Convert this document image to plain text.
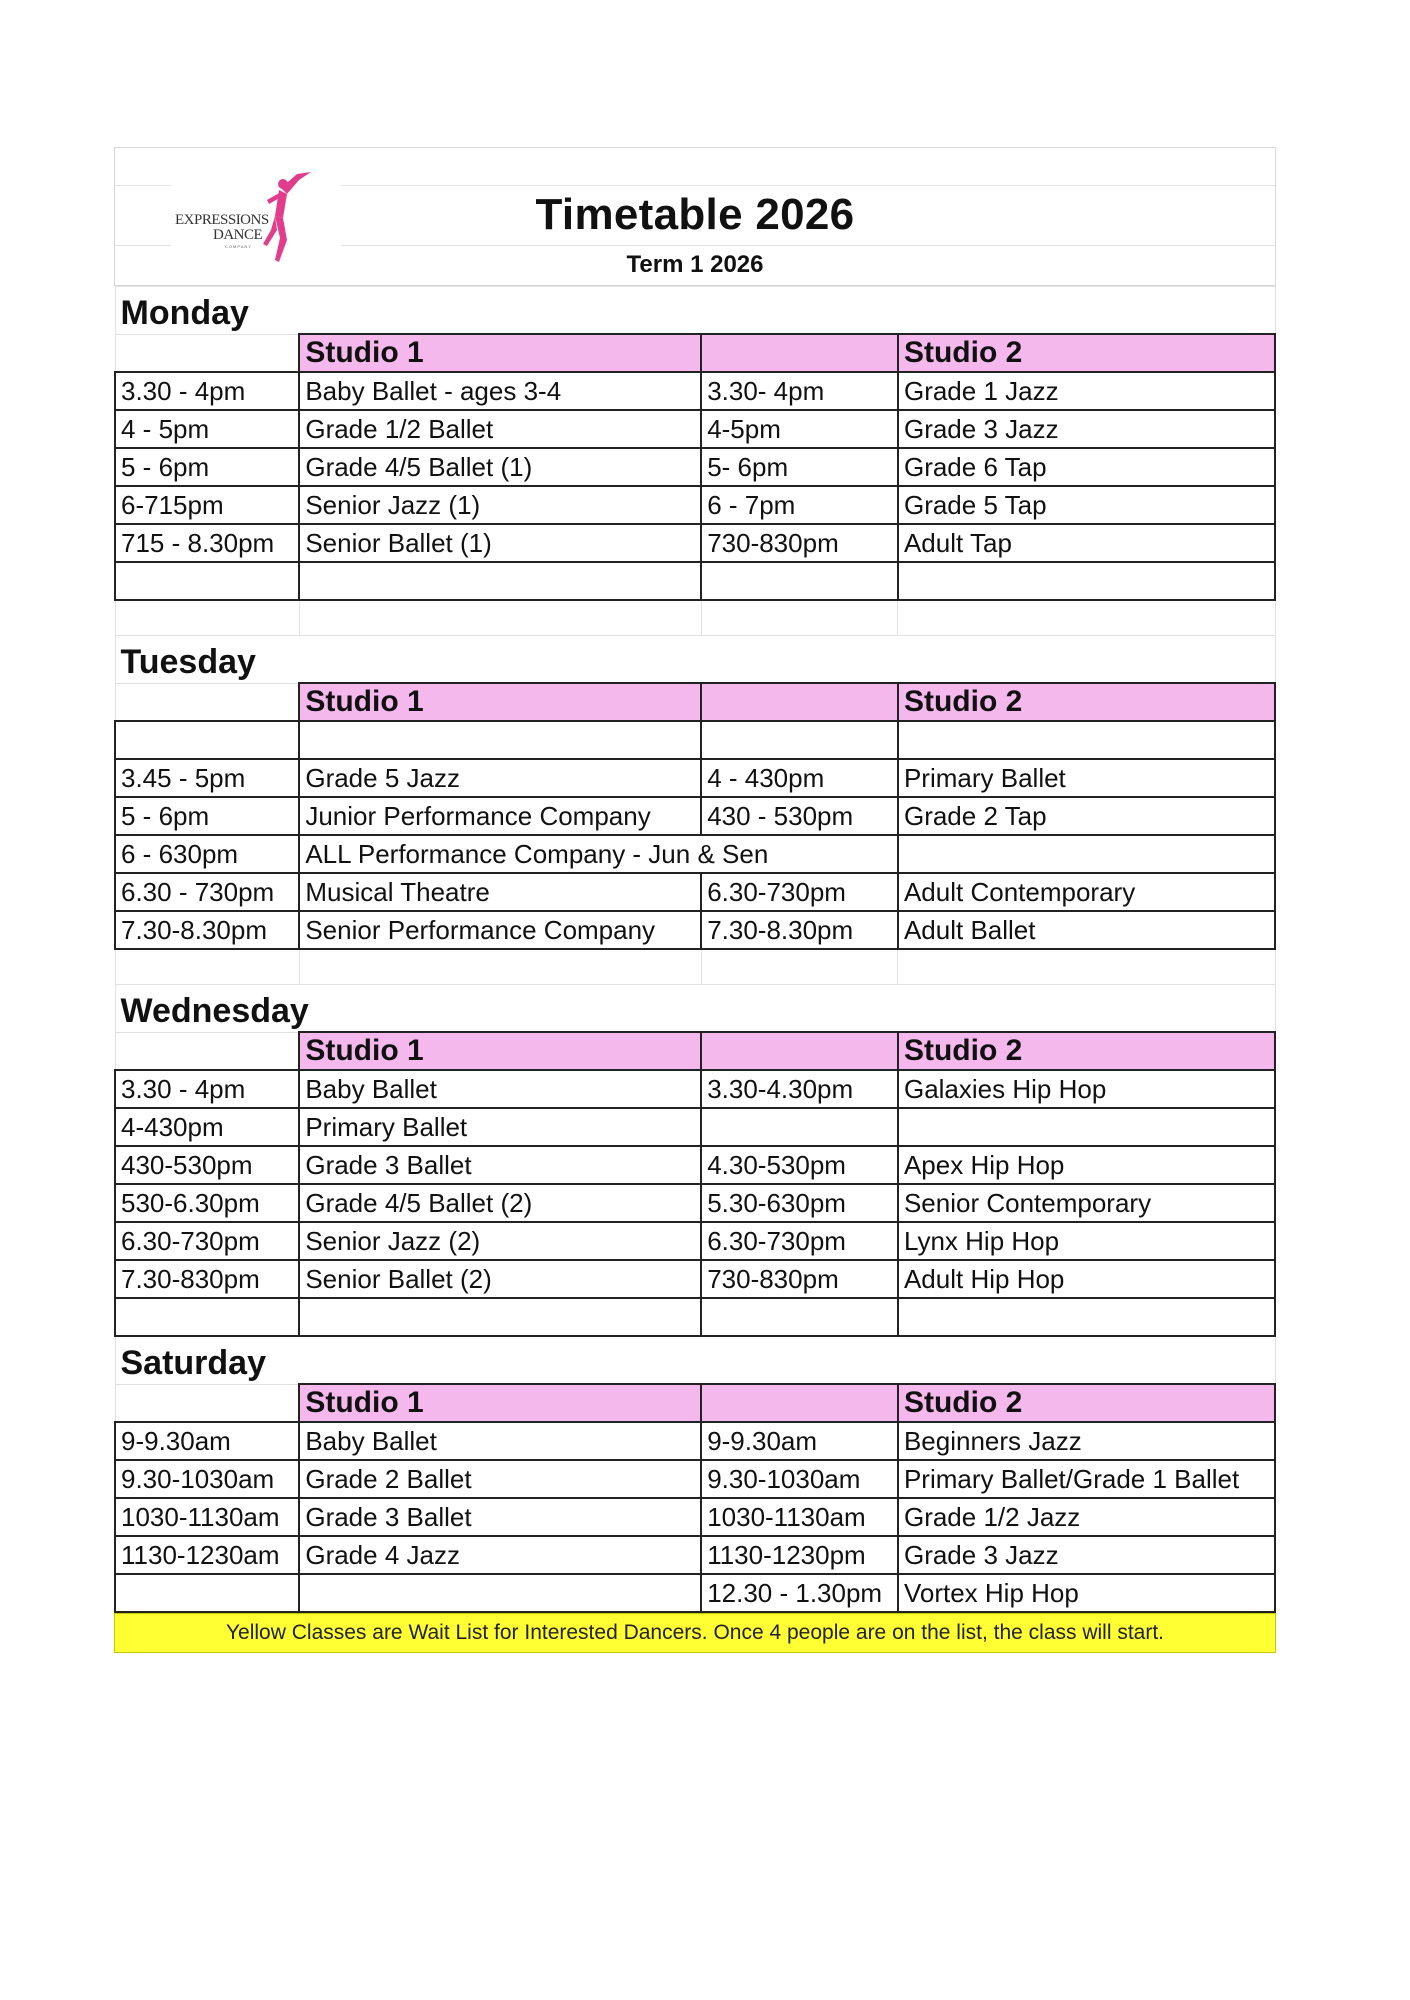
Timetable 2026
Term 1 2026
EXPRESSIONS
DANCE
COMPANY
Monday			
	Studio 1		Studio 2
3.30 - 4pm	Baby Ballet - ages 3-4	3.30- 4pm	Grade 1 Jazz
4 - 5pm	Grade 1/2 Ballet	4-5pm	Grade 3 Jazz
5 - 6pm	Grade 4/5 Ballet (1)	5- 6pm	Grade 6 Tap
6-715pm	Senior Jazz (1)	6 - 7pm	Grade 5 Tap
715 - 8.30pm	Senior Ballet (1)	730-830pm	Adult Tap

Tuesday			
	Studio 1		Studio 2

3.45 - 5pm	Grade 5 Jazz	4 - 430pm	Primary Ballet
5 - 6pm	Junior Performance Company	430 - 530pm	Grade 2 Tap
6 - 630pm	ALL Performance Company - Jun & Sen		
6.30 - 730pm	Musical Theatre	6.30-730pm	Adult Contemporary
7.30-8.30pm	Senior Performance Company	7.30-8.30pm	Adult Ballet

Wednesday			
	Studio 1		Studio 2
3.30 - 4pm	Baby Ballet	3.30-4.30pm	Galaxies Hip Hop
4-430pm	Primary Ballet		
430-530pm	Grade 3 Ballet	4.30-530pm	Apex Hip Hop
530-6.30pm	Grade 4/5 Ballet (2)	5.30-630pm	Senior Contemporary
6.30-730pm	Senior Jazz (2)	6.30-730pm	Lynx Hip Hop
7.30-830pm	Senior Ballet (2)	730-830pm	Adult Hip Hop

Saturday			
	Studio 1		Studio 2
9-9.30am	Baby Ballet	9-9.30am	Beginners Jazz
9.30-1030am	Grade 2 Ballet	9.30-1030am	Primary Ballet/Grade 1 Ballet
1030-1130am	Grade 3 Ballet	1030-1130am	Grade 1/2 Jazz
1130-1230am	Grade 4 Jazz	1130-1230pm	Grade 3 Jazz
		12.30 - 1.30pm	Vortex Hip Hop
Yellow Classes are Wait List for Interested Dancers. Once 4 people are on the list, the class will start.
